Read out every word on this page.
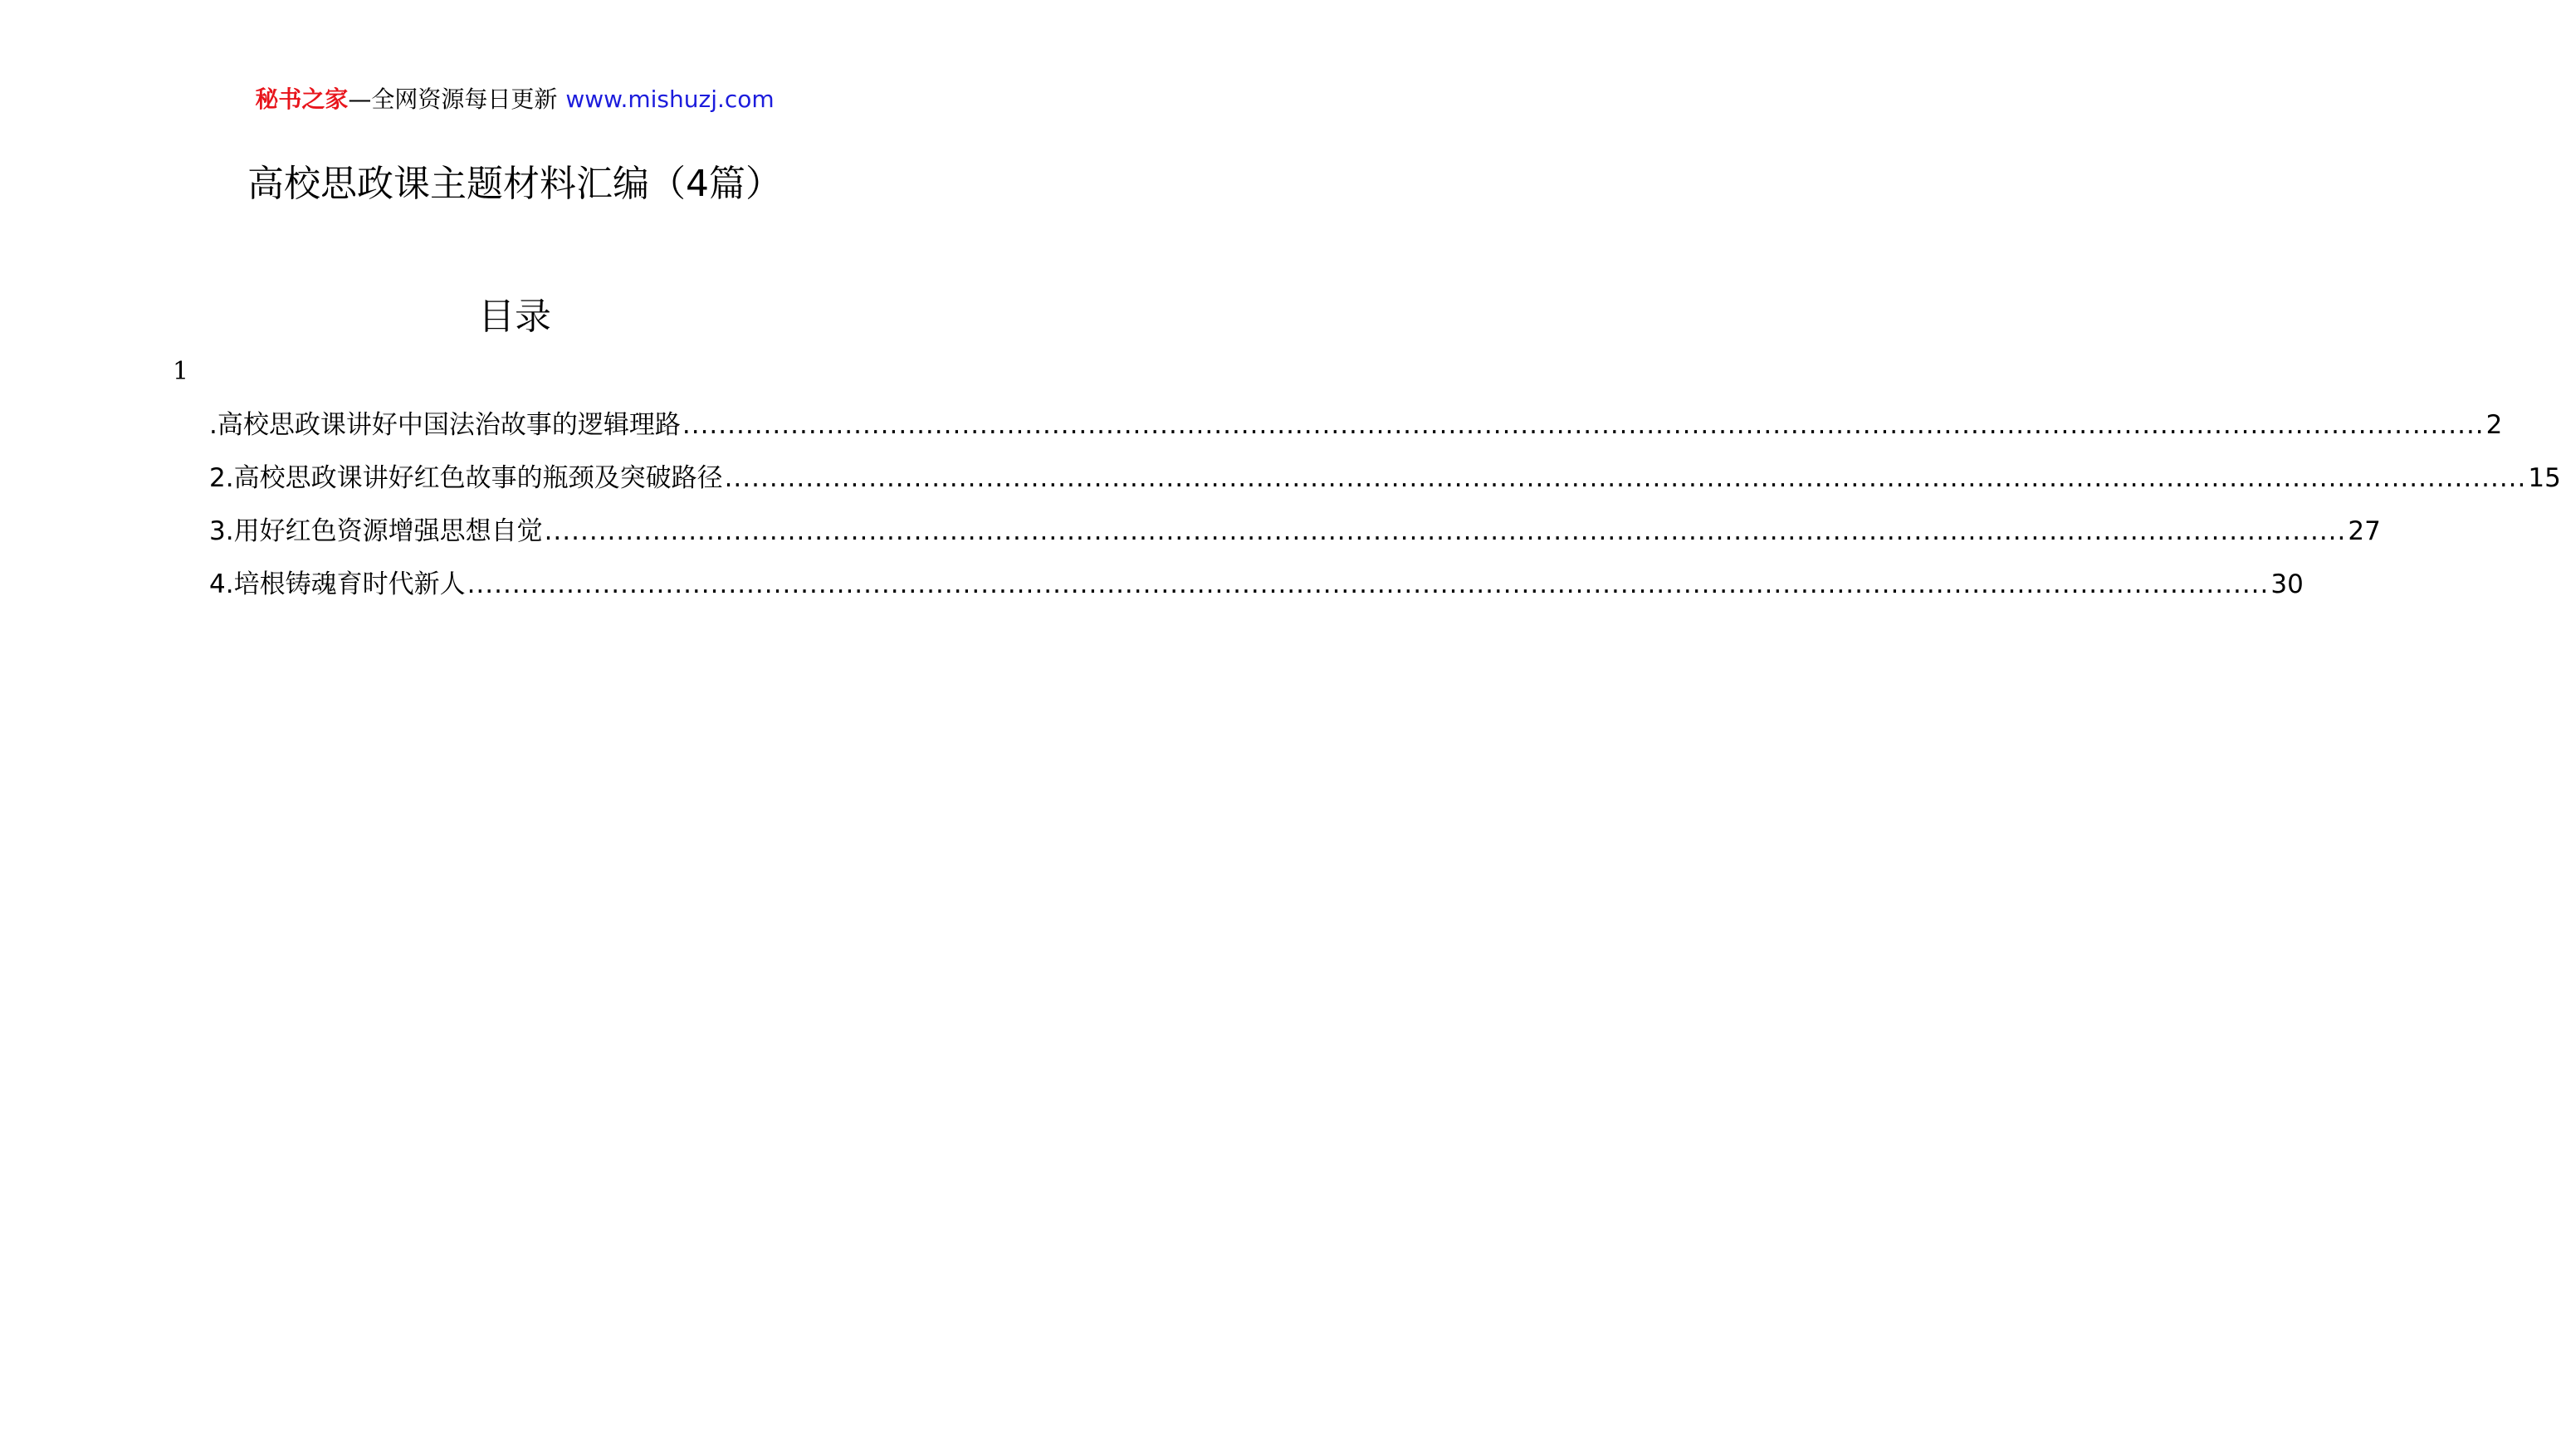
秘书之家—全网资源每日更新 www.mishuzj.com
高校思政课主题材料汇编（4篇）
目录
1
.高校思政课讲好中国法治故事的逻辑理路 ........................................................................................................................................................................................................ 2
2.高校思政课讲好红色故事的瓶颈及突破路径 ........................................................................................................................................................................................................ 15
3.用好红色资源增强思想自觉 ........................................................................................................................................................................................................ 27
4.培根铸魂育时代新人 ........................................................................................................................................................................................................ 30
